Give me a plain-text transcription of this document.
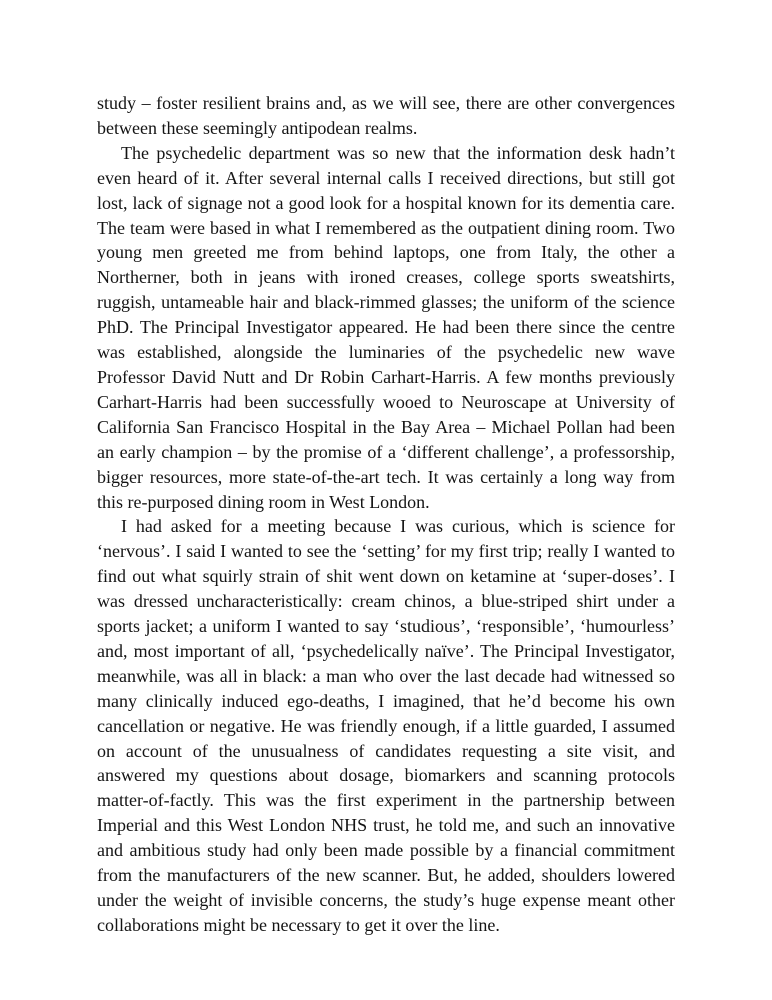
study – foster resilient brains and, as we will see, there are other convergences between these seemingly antipodean realms.

The psychedelic department was so new that the information desk hadn’t even heard of it. After several internal calls I received directions, but still got lost, lack of signage not a good look for a hospital known for its dementia care. The team were based in what I remembered as the outpatient dining room. Two young men greeted me from behind laptops, one from Italy, the other a Northerner, both in jeans with ironed creases, college sports sweatshirts, ruggish, untameable hair and black-rimmed glasses; the uniform of the science PhD. The Principal Investigator appeared. He had been there since the centre was established, alongside the luminaries of the psychedelic new wave Professor David Nutt and Dr Robin Carhart-Harris. A few months previously Carhart-Harris had been successfully wooed to Neuroscape at University of California San Francisco Hospital in the Bay Area – Michael Pollan had been an early champion – by the promise of a ‘different challenge’, a professorship, bigger resources, more state-of-the-art tech. It was certainly a long way from this re-purposed dining room in West London.

I had asked for a meeting because I was curious, which is science for ‘nervous’. I said I wanted to see the ‘setting’ for my first trip; really I wanted to find out what squirly strain of shit went down on ketamine at ‘super-doses’. I was dressed uncharacteristically: cream chinos, a blue-striped shirt under a sports jacket; a uniform I wanted to say ‘studious’, ‘responsible’, ‘humourless’ and, most important of all, ‘psychedelically naïve’. The Principal Investigator, meanwhile, was all in black: a man who over the last decade had witnessed so many clinically induced ego-deaths, I imagined, that he’d become his own cancellation or negative. He was friendly enough, if a little guarded, I assumed on account of the unusualness of candidates requesting a site visit, and answered my questions about dosage, biomarkers and scanning protocols matter-of-factly. This was the first experiment in the partnership between Imperial and this West London NHS trust, he told me, and such an innovative and ambitious study had only been made possible by a financial commitment from the manufacturers of the new scanner. But, he added, shoulders lowered under the weight of invisible concerns, the study’s huge expense meant other collaborations might be necessary to get it over the line.
